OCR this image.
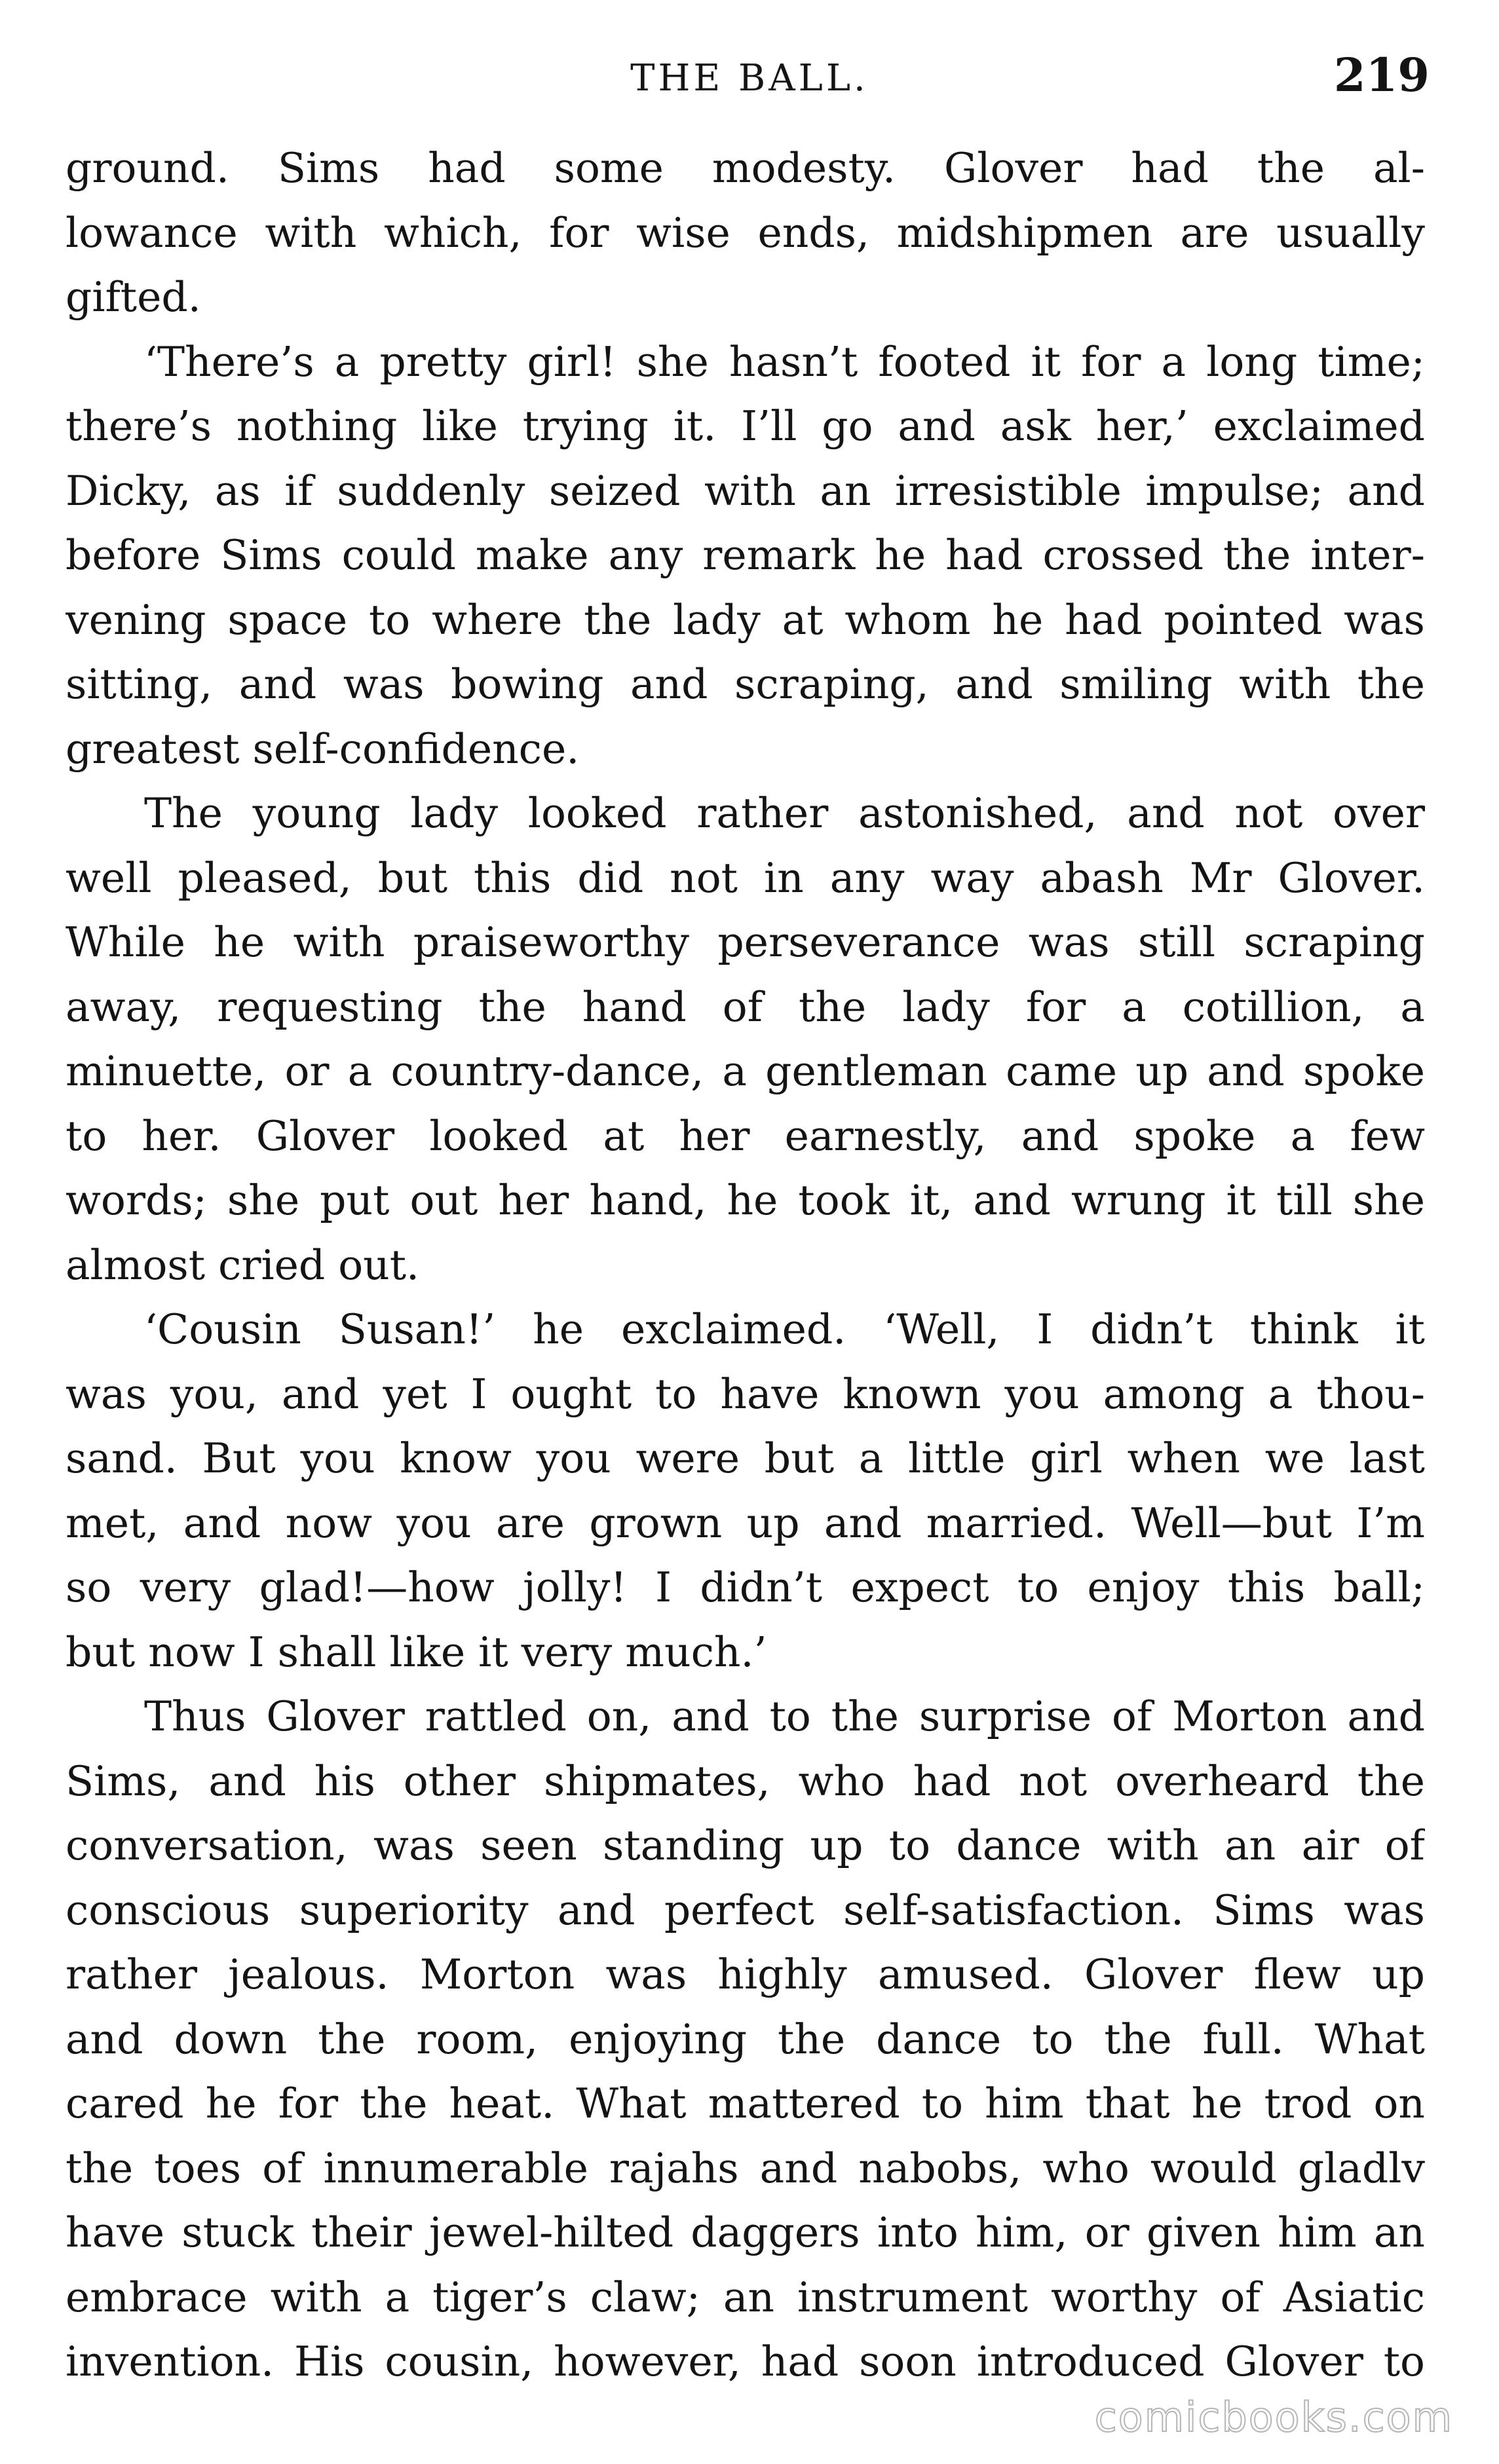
THE BALL.	219
ground. Sims had some modesty. Glover had the al-
lowance with which, for wise ends, midshipmen are usually
gifted.
‘There’s a pretty girl! she hasn’t footed it for a long time;
there’s nothing like trying it. I’ll go and ask her,’ exclaimed
Dicky, as if suddenly seized with an irresistible impulse; and
before Sims could make any remark he had crossed the inter-
vening space to where the lady at whom he had pointed was
sitting, and was bowing and scraping, and smiling with the
greatest self-confidence.
The young lady looked rather astonished, and not over
well pleased, but this did not in any way abash Mr Glover.
While he with praiseworthy perseverance was still scraping
away, requesting the hand of the lady for a cotillion, a
minuette, or a country-dance, a gentleman came up and spoke
to her. Glover looked at her earnestly, and spoke a few
words; she put out her hand, he took it, and wrung it till she
almost cried out.
‘Cousin Susan!’ he exclaimed. ‘Well, I didn’t think it
was you, and yet I ought to have known you among a thou-
sand. But you know you were but a little girl when we last
met, and now you are grown up and married. Well—but I’m
so very glad!—how jolly! I didn’t expect to enjoy this ball;
but now I shall like it very much.’
Thus Glover rattled on, and to the surprise of Morton and
Sims, and his other shipmates, who had not overheard the
conversation, was seen standing up to dance with an air of
conscious superiority and perfect self-satisfaction. Sims was
rather jealous. Morton was highly amused. Glover flew up
and down the room, enjoying the dance to the full. What
cared he for the heat. What mattered to him that he trod on
the toes of innumerable rajahs and nabobs, who would gladlv
have stuck their jewel-hilted daggers into him, or given him an
embrace with a tiger’s claw; an instrument worthy of Asiatic
invention. His cousin, however, had soon introduced Glover to
comicbooks.com
